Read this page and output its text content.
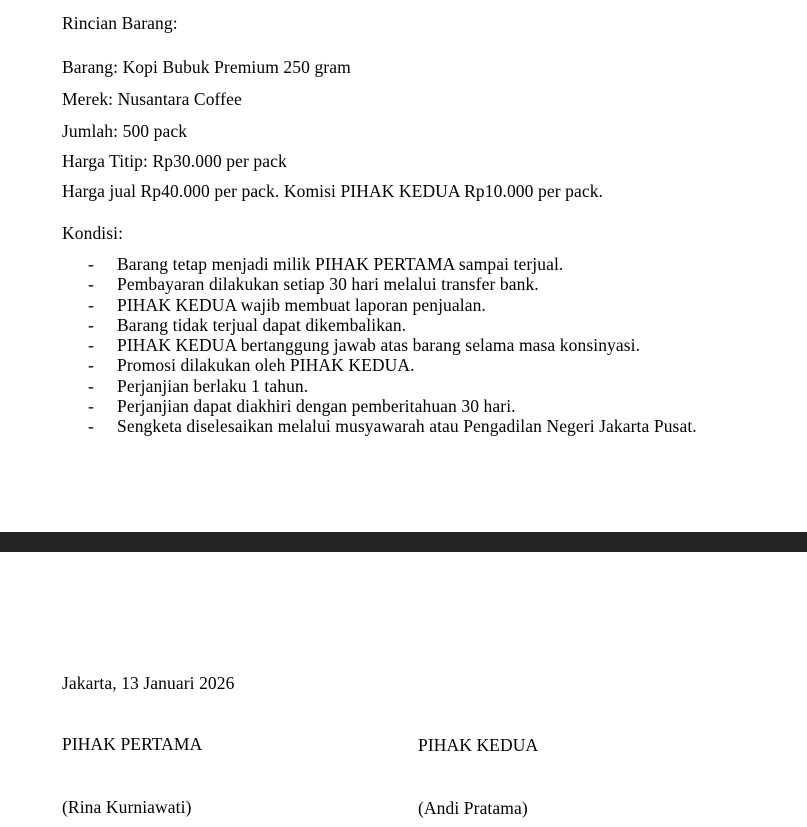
Rincian Barang:
Barang: Kopi Bubuk Premium 250 gram
Merek: Nusantara Coffee
Jumlah: 500 pack
Harga Titip: Rp30.000 per pack
Harga jual Rp40.000 per pack. Komisi PIHAK KEDUA Rp10.000 per pack.
Kondisi:
- Barang tetap menjadi milik PIHAK PERTAMA sampai terjual.
- Pembayaran dilakukan setiap 30 hari melalui transfer bank.
- PIHAK KEDUA wajib membuat laporan penjualan.
- Barang tidak terjual dapat dikembalikan.
- PIHAK KEDUA bertanggung jawab atas barang selama masa konsinyasi.
- Promosi dilakukan oleh PIHAK KEDUA.
- Perjanjian berlaku 1 tahun.
- Perjanjian dapat diakhiri dengan pemberitahuan 30 hari.
- Sengketa diselesaikan melalui musyawarah atau Pengadilan Negeri Jakarta Pusat.
Jakarta, 13 Januari 2026
PIHAK PERTAMA	PIHAK KEDUA
(Rina Kurniawati)	(Andi Pratama)
